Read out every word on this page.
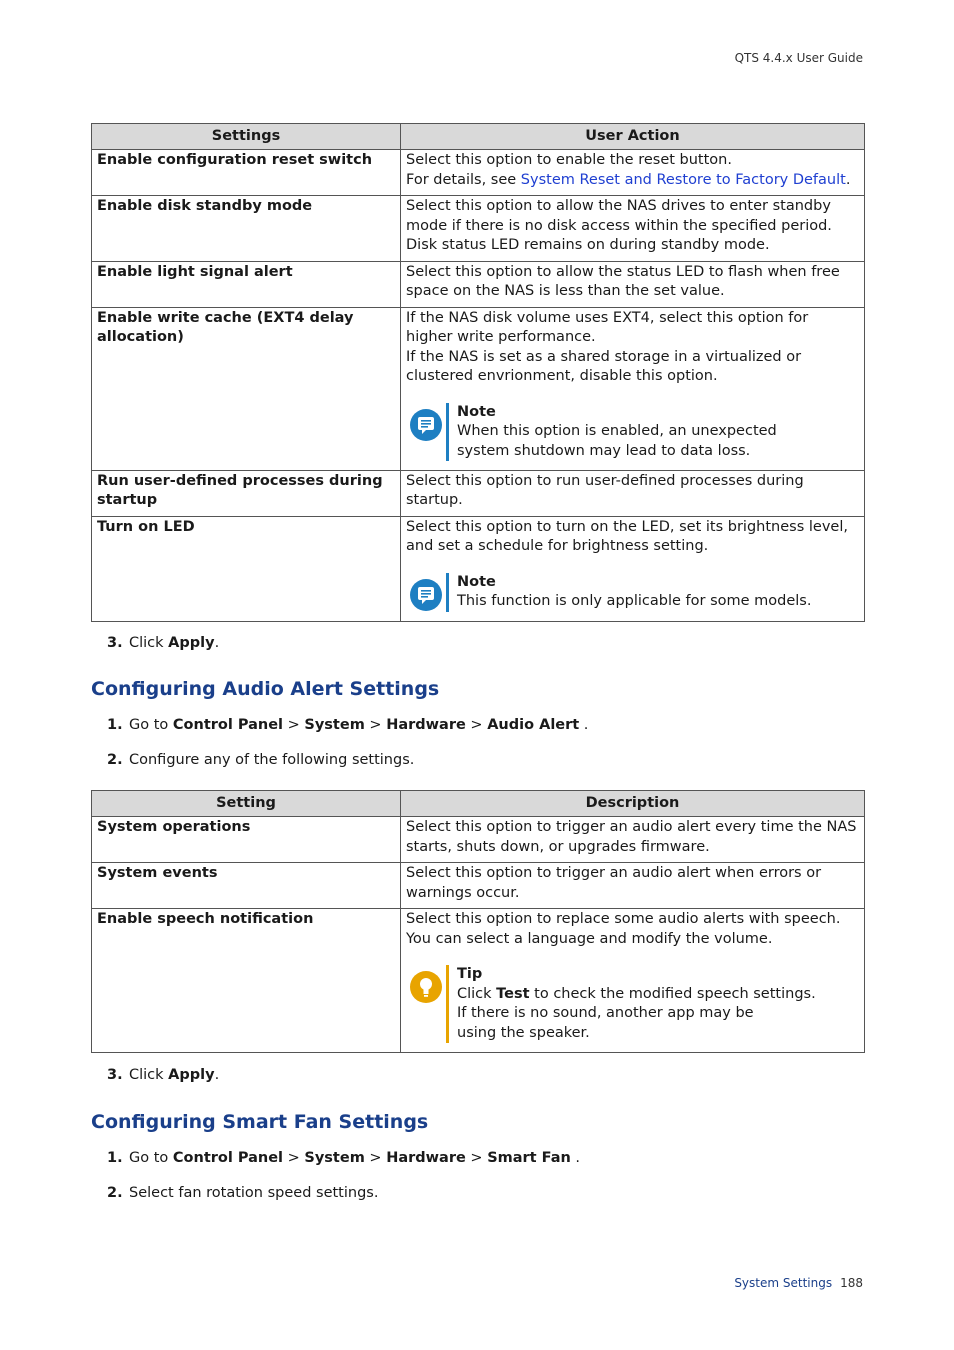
QTS 4.4.x User Guide
Settings	User Action
Enable configuration reset switch	Select this option to enable the reset button.
For details, see System Reset and Restore to Factory Default.

Enable disk standby mode	Select this option to allow the NAS drives to enter standby mode if there is no disk access within the specified period. Disk status LED remains on during standby mode.
Enable light signal alert	Select this option to allow the status LED to flash when free space on the NAS is less than the set value.
Enable write cache (EXT4 delay allocation)	If the NAS disk volume uses EXT4, select this option for higher write performance.
If the NAS is set as a shared storage in a virtualized or clustered envrionment, disable this option.
Note
When this option is enabled, an unexpected system shutdown may lead to data loss.

Run user-defined processes during startup	Select this option to run user-defined processes during startup.
Turn on LED	Select this option to turn on the LED, set its brightness level, and set a schedule for brightness setting.
Note
This function is only applicable for some models.
3. Click Apply.
Configuring Audio Alert Settings
1. Go to Control Panel > System > Hardware > Audio Alert .
2. Configure any of the following settings.
Setting	Description
System operations	Select this option to trigger an audio alert every time the NAS starts, shuts down, or upgrades firmware.
System events	Select this option to trigger an audio alert when errors or warnings occur.
Enable speech notification	Select this option to replace some audio alerts with speech. You can select a language and modify the volume.
Tip
Click Test to check the modified speech settings.
If there is no sound, another app may be using the speaker.
3. Click Apply.
Configuring Smart Fan Settings
1. Go to Control Panel > System > Hardware > Smart Fan .
2. Select fan rotation speed settings.
System Settings 188
